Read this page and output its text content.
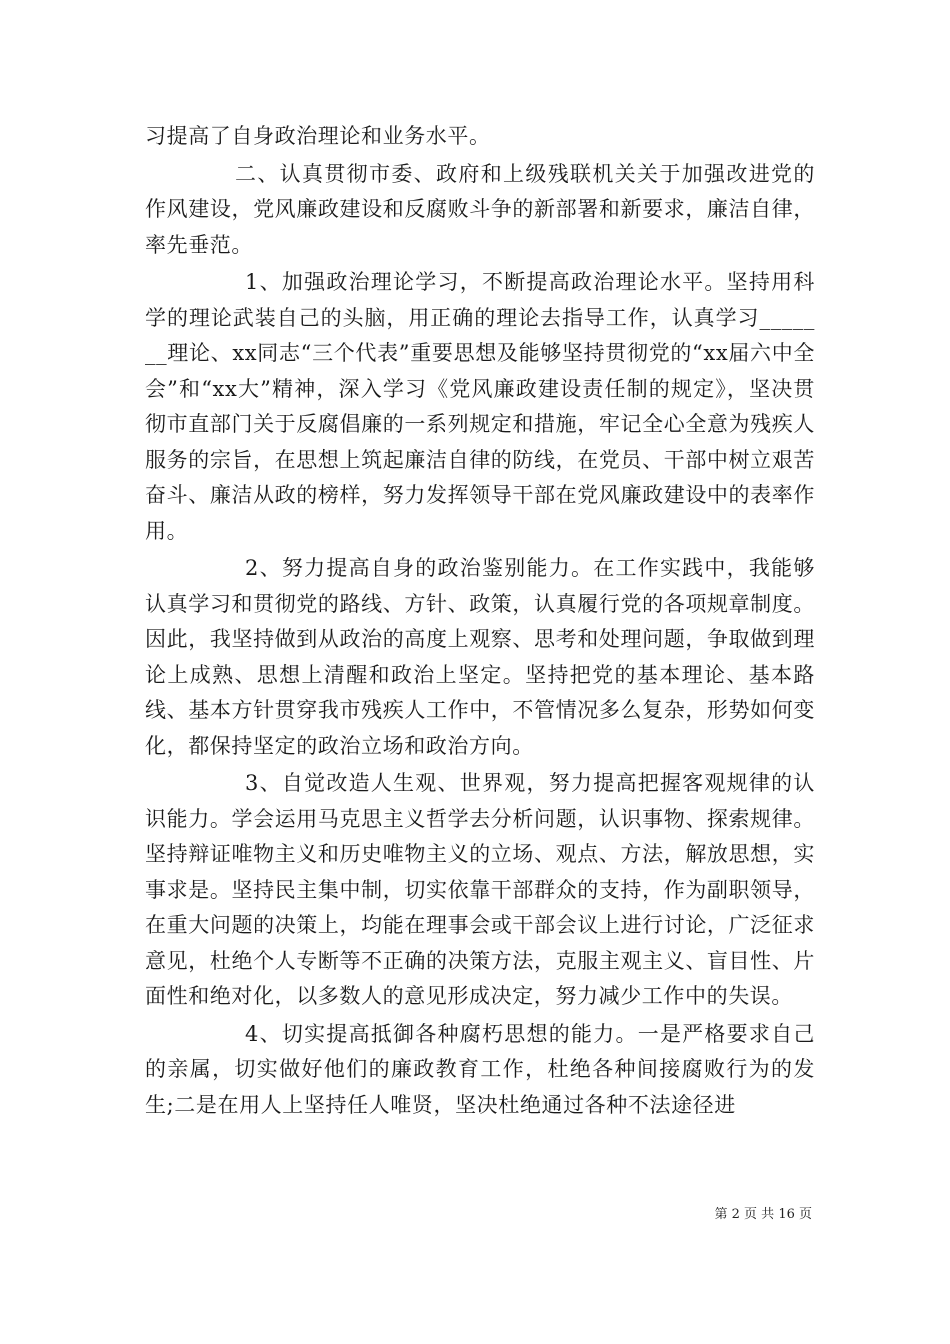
习提高了自身政治理论和业务水平。

二、认真贯彻市委、政府和上级残联机关关于加强改进党的作风建设，党风廉政建设和反腐败斗争的新部署和新要求，廉洁自律，率先垂范。

1、加强政治理论学习，不断提高政治理论水平。坚持用科学的理论武装自己的头脑，用正确的理论去指导工作，认真学习_______理论、xx同志“三个代表”重要思想及能够坚持贯彻党的“xx届六中全会”和“xx大”精神，深入学习《党风廉政建设责任制的规定》，坚决贯彻市直部门关于反腐倡廉的一系列规定和措施，牢记全心全意为残疾人服务的宗旨，在思想上筑起廉洁自律的防线，在党员、干部中树立艰苦奋斗、廉洁从政的榜样，努力发挥领导干部在党风廉政建设中的表率作用。

2、努力提高自身的政治鉴别能力。在工作实践中，我能够认真学习和贯彻党的路线、方针、政策，认真履行党的各项规章制度。因此，我坚持做到从政治的高度上观察、思考和处理问题，争取做到理论上成熟、思想上清醒和政治上坚定。坚持把党的基本理论、基本路线、基本方针贯穿我市残疾人工作中，不管情况多么复杂，形势如何变化，都保持坚定的政治立场和政治方向。

3、自觉改造人生观、世界观，努力提高把握客观规律的认识能力。学会运用马克思主义哲学去分析问题，认识事物、探索规律。坚持辩证唯物主义和历史唯物主义的立场、观点、方法，解放思想，实事求是。坚持民主集中制，切实依靠干部群众的支持，作为副职领导，在重大问题的决策上，均能在理事会或干部会议上进行讨论，广泛征求意见，杜绝个人专断等不正确的决策方法，克服主观主义、盲目性、片面性和绝对化，以多数人的意见形成决定，努力减少工作中的失误。

4、切实提高抵御各种腐朽思想的能力。一是严格要求自己的亲属，切实做好他们的廉政教育工作，杜绝各种间接腐败行为的发生;二是在用人上坚持任人唯贤，坚决杜绝通过各种不法途径进

第 2 页 共 16 页
